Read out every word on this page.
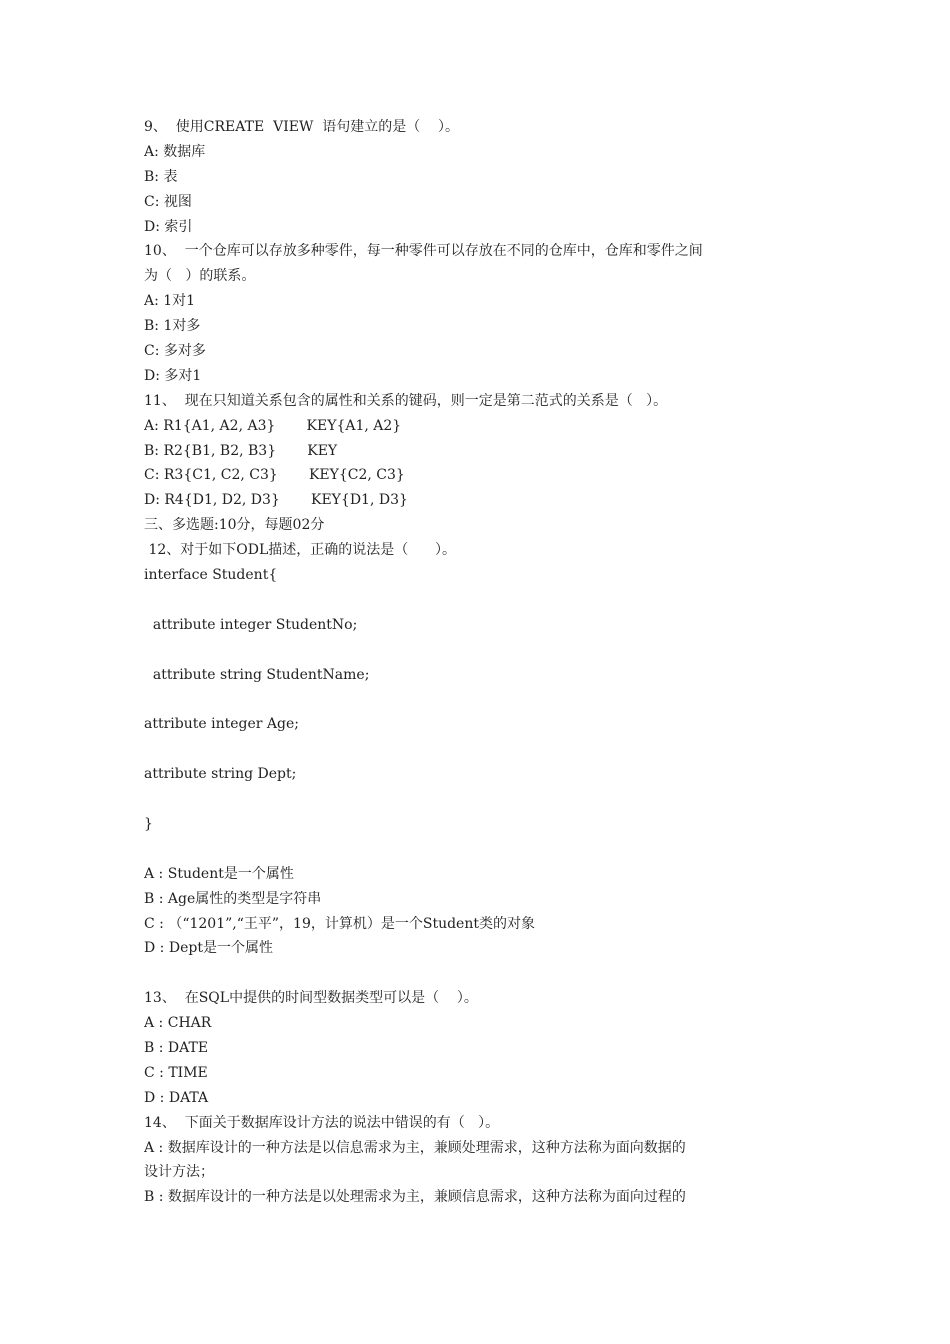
9、  使用CREATE  VIEW  语句建立的是（    ）。
A: 数据库
B: 表
C: 视图
D: 索引
10、  一个仓库可以存放多种零件，每一种零件可以存放在不同的仓库中，仓库和零件之间
为（   ）的联系。
A: 1对1
B: 1对多
C: 多对多
D: 多对1
11、  现在只知道关系包含的属性和关系的键码，则一定是第二范式的关系是（   ）。
A: R1{A1, A2, A3}       KEY{A1, A2}
B: R2{B1, B2, B3}       KEY
C: R3{C1, C2, C3}       KEY{C2, C3}
D: R4{D1, D2, D3}       KEY{D1, D3}
三、多选题:10分，每题02分
12、对于如下ODL描述，正确的说法是（      ）。
interface Student{
attribute integer StudentNo;
attribute string StudentName;
attribute integer Age;
attribute string Dept;
}
A : Student是一个属性
B : Age属性的类型是字符串
C : （“1201”,“王平”，19，计算机）是一个Student类的对象
D : Dept是一个属性
13、  在SQL中提供的时间型数据类型可以是（    ）。
A : CHAR
B : DATE
C : TIME
D : DATA
14、  下面关于数据库设计方法的说法中错误的有（   ）。
A : 数据库设计的一种方法是以信息需求为主，兼顾处理需求，这种方法称为面向数据的
设计方法；
B : 数据库设计的一种方法是以处理需求为主，兼顾信息需求，这种方法称为面向过程的
